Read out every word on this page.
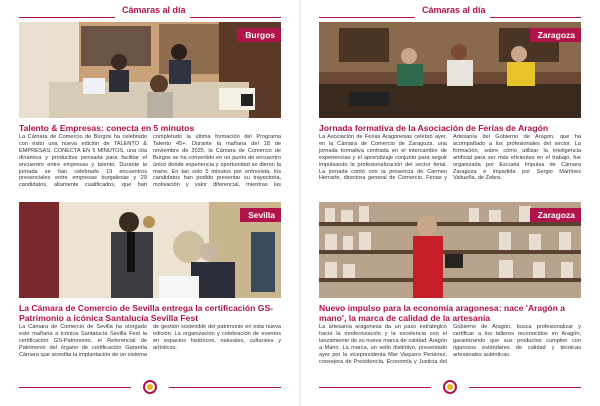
Cámaras al día
Burgos
Talento & Empresas: conecta en 5 minutos

La Cámara de Comercio de Burgos ha celebrado con éxito una nueva edición de TALENTO & EMPRESAS: CONECTA EN 5 MINUTOS, una cita dinámica y productiva pensada para facilitar el encuentro entre empresas y talento. Durante la jornada se han celebrado 19 encuentros presenciales entre empresas burgalesas y 29 candidatos, altamente cualificados, que han completado la última formación del Programa Talento 45+. Durante la mañana del 18 de noviembre de 2025, la Cámara de Comercio de Burgos se ha convertido en un punto de encuentro único donde experiencia y oportunidad se dieron la mano. En tan solo 5 minutos por entrevista, los candidatos han podido presentar su trayectoria, motivación y valor diferencial, mientras las

Sevilla
La Cámara de Comercio de Sevilla entrega la certificación GS-Patrimonio a icónica Santalucía Sevilla Fest

La Cámara de Comercio de Sevilla ha otorgado este mañana a icónica Santalucía Sevilla Fest la certificación GS-Patrimonio, el Referencial de Patrimonio del órgano de certificación Garantía Cámara que acredita la implantación de un sistema de gestión sostenible del patrimonio en esta nueva edición. La organización y celebración de eventos en espacios históricos, naturales, culturales y artísticos.

Cámaras al día
Zaragoza
Jornada formativa de la Asociación de Ferias de Aragón

La Asociación de Ferias Aragonesas celebró ayer, en la Cámara de Comercio de Zaragoza, una jornada formativa centrada en el intercambio de experiencias y el aprendizaje conjunto para seguir impulsando la profesionalización del sector ferial. La jornada contó con la presencia de Carmen Herrarte, directora general de Comercio, Ferias y Artesanía del Gobierno de Aragón, que ha acompañado a los profesionales del sector. La formación, sobre cómo utilizar la inteligencia artificial para ser más eficientes en el trabajo, fue organizada por Escuela Impulsa de Cámara Zaragoza e impartida por Sergio Martínez Valtueña, de Zebra.

Zaragoza
Nuevo impulso para la economía aragonesa: nace 'Aragón a mano', la marca de calidad de la artesanía

La artesanía aragonesa da un paso estratégico hacia la modernización y la excelencia con el lanzamiento de su nueva marca de calidad: Aragón a Mano. La marca, un sello distintivo, presentado ayer por la vicepresidenta Mar Vaquero Periánez, consejera de Presidencia, Economía y Justicia del Gobierno de Aragón, busca profesionalizar y certificar a los talleres reconocidos en Aragón, garantizando que sus productos cumplen con rigurosos estándares de calidad y técnicas artesanales auténticas.
